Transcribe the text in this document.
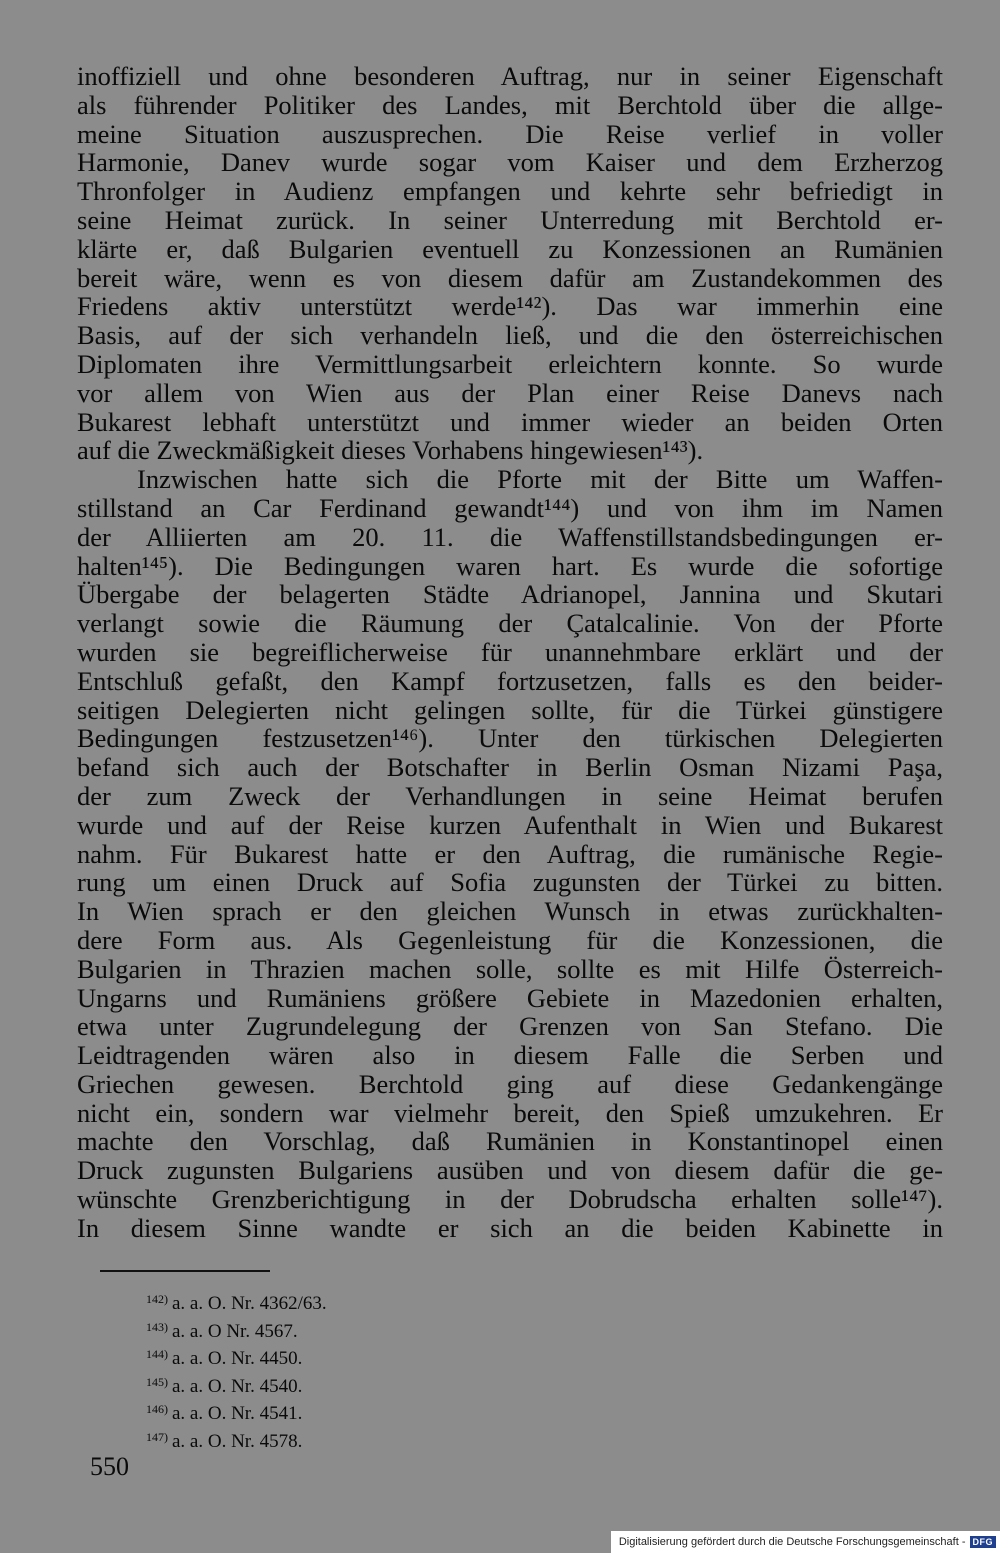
inoffiziell und ohne besonderen Auftrag, nur in seiner Eigenschaft
als führender Politiker des Landes, mit Berchtold über die allge-
meine Situation auszusprechen. Die Reise verlief in voller
Harmonie, Danev wurde sogar vom Kaiser und dem Erzherzog
Thronfolger in Audienz empfangen und kehrte sehr befriedigt in
seine Heimat zurück. In seiner Unterredung mit Berchtold er-
klärte er, daß Bulgarien eventuell zu Konzessionen an Rumänien
bereit wäre, wenn es von diesem dafür am Zustandekommen des
Friedens aktiv unterstützt werde¹⁴²). Das war immerhin eine
Basis, auf der sich verhandeln ließ, und die den österreichischen
Diplomaten ihre Vermittlungsarbeit erleichtern konnte. So wurde
vor allem von Wien aus der Plan einer Reise Danevs nach
Bukarest lebhaft unterstützt und immer wieder an beiden Orten
auf die Zweckmäßigkeit dieses Vorhabens hingewiesen¹⁴³).
Inzwischen hatte sich die Pforte mit der Bitte um Waffen-
stillstand an Car Ferdinand gewandt¹⁴⁴) und von ihm im Namen
der Alliierten am 20. 11. die Waffenstillstandsbedingungen er-
halten¹⁴⁵). Die Bedingungen waren hart. Es wurde die sofortige
Übergabe der belagerten Städte Adrianopel, Jannina und Skutari
verlangt sowie die Räumung der Çatalcalinie. Von der Pforte
wurden sie begreiflicherweise für unannehmbare erklärt und der
Entschluß gefaßt, den Kampf fortzusetzen, falls es den beider-
seitigen Delegierten nicht gelingen sollte, für die Türkei günstigere
Bedingungen festzusetzen¹⁴⁶). Unter den türkischen Delegierten
befand sich auch der Botschafter in Berlin Osman Nizami Paşa,
der zum Zweck der Verhandlungen in seine Heimat berufen
wurde und auf der Reise kurzen Aufenthalt in Wien und Bukarest
nahm. Für Bukarest hatte er den Auftrag, die rumänische Regie-
rung um einen Druck auf Sofia zugunsten der Türkei zu bitten.
In Wien sprach er den gleichen Wunsch in etwas zurückhalten-
dere Form aus. Als Gegenleistung für die Konzessionen, die
Bulgarien in Thrazien machen solle, sollte es mit Hilfe Österreich-
Ungarns und Rumäniens größere Gebiete in Mazedonien erhalten,
etwa unter Zugrundelegung der Grenzen von San Stefano. Die
Leidtragenden wären also in diesem Falle die Serben und
Griechen gewesen. Berchtold ging auf diese Gedankengänge
nicht ein, sondern war vielmehr bereit, den Spieß umzukehren. Er
machte den Vorschlag, daß Rumänien in Konstantinopel einen
Druck zugunsten Bulgariens ausüben und von diesem dafür die ge-
wünschte Grenzberichtigung in der Dobrudscha erhalten solle¹⁴⁷).
In diesem Sinne wandte er sich an die beiden Kabinette in
$^{142)}$ a. a. O. Nr. 4362/63.
$^{143)}$ a. a. O Nr. 4567.
$^{144)}$ a. a. O. Nr. 4450.
$^{145)}$ a. a. O. Nr. 4540.
$^{146)}$ a. a. O. Nr. 4541.
$^{147)}$ a. a. O. Nr. 4578.
550
Digitalisierung gefördert durch die Deutsche Forschungsgemeinschaft - DFG
